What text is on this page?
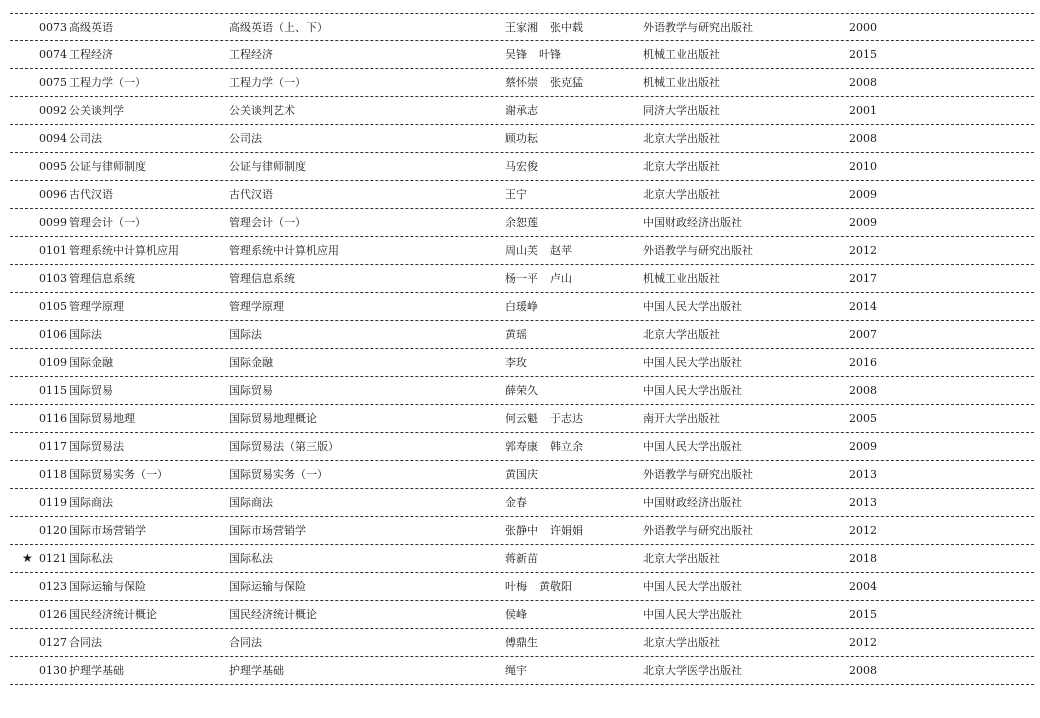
0073 高级英语	高级英语（上、下）	王家湘 张中载	外语教学与研究出版社	2000
0074 工程经济	工程经济	吴锋 叶锋	机械工业出版社	2015
0075 工程力学（一）	工程力学（一）	蔡怀崇 张克猛	机械工业出版社	2008
0092 公关谈判学	公关谈判艺术	谢承志	同济大学出版社	2001
0094 公司法	公司法	顾功耘	北京大学出版社	2008
0095 公证与律师制度	公证与律师制度	马宏俊	北京大学出版社	2010
0096 古代汉语	古代汉语	王宁	北京大学出版社	2009
0099 管理会计（一）	管理会计（一）	余恕莲	中国财政经济出版社	2009
0101 管理系统中计算机应用	管理系统中计算机应用	周山芙 赵苹	外语教学与研究出版社	2012
0103 管理信息系统	管理信息系统	杨一平 卢山	机械工业出版社	2017
0105 管理学原理	管理学原理	白瑗峥	中国人民大学出版社	2014
0106 国际法	国际法	黄瑶	北京大学出版社	2007
0109 国际金融	国际金融	李玫	中国人民大学出版社	2016
0115 国际贸易	国际贸易	薛荣久	中国人民大学出版社	2008
0116 国际贸易地理	国际贸易地理概论	何云魁 于志达	南开大学出版社	2005
0117 国际贸易法	国际贸易法（第三版）	郭寿康 韩立余	中国人民大学出版社	2009
0118 国际贸易实务（一）	国际贸易实务（一）	黄国庆	外语教学与研究出版社	2013
0119 国际商法	国际商法	金春	中国财政经济出版社	2013
0120 国际市场营销学	国际市场营销学	张静中 许娟娟	外语教学与研究出版社	2012
★ 0121 国际私法	国际私法	蒋新苗	北京大学出版社	2018
0123 国际运输与保险	国际运输与保险	叶梅 黄敬阳	中国人民大学出版社	2004
0126 国民经济统计概论	国民经济统计概论	侯峰	中国人民大学出版社	2015
0127 合同法	合同法	傅鼎生	北京大学出版社	2012
0130 护理学基础	护理学基础	绳宇	北京大学医学出版社	2008
